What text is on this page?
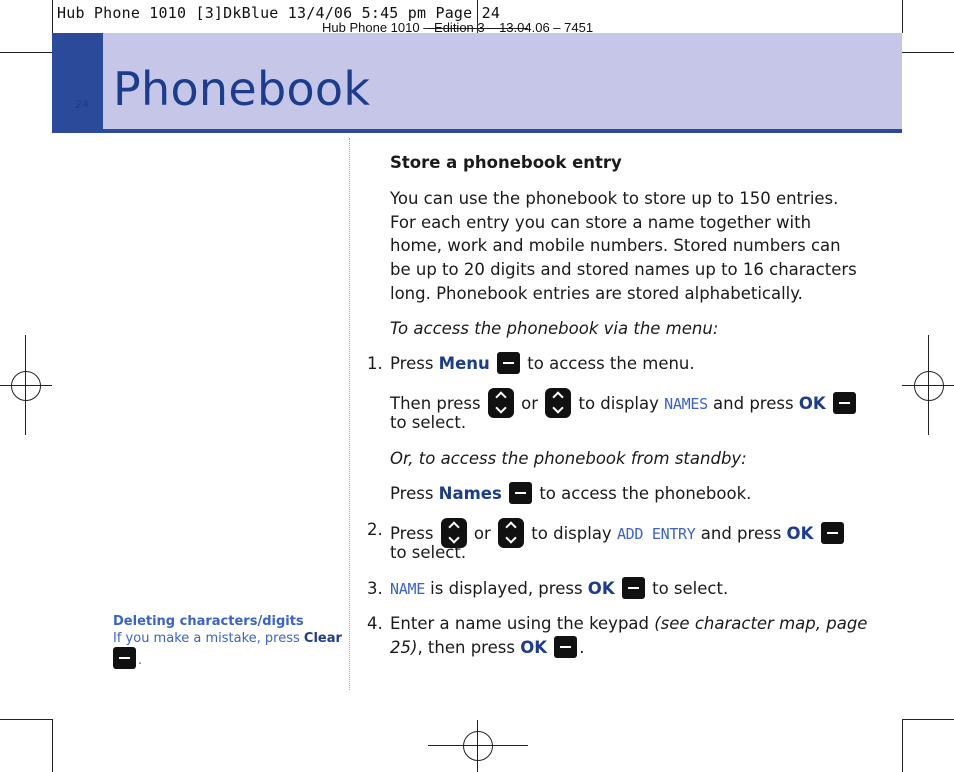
Hub Phone 1010 [3]DkBlue 13/4/06 5:45 pm Page 24
Hub Phone 1010 – Edition 3 – 13.04.06 – 7451
24 Phonebook
Deleting characters/digits
If you make a mistake, press Clear
.
Store a phonebook entry
You can use the phonebook to store up to 150 entries.
For each entry you can store a name together with
home, work and mobile numbers. Stored numbers can
be up to 20 digits and stored names up to 16 characters
long. Phonebook entries are stored alphabetically.
To access the phonebook via the menu:
1. Press Menu  to access the menu.
Then press  or  to display NAMES and press OK
to select.
Or, to access the phonebook from standby:
Press Names  to access the phonebook.
2. Press  or  to display ADD ENTRY and press OK
to select.
3. NAME is displayed, press OK  to select.
4. Enter a name using the keypad (see character map, page
25), then press OK .
